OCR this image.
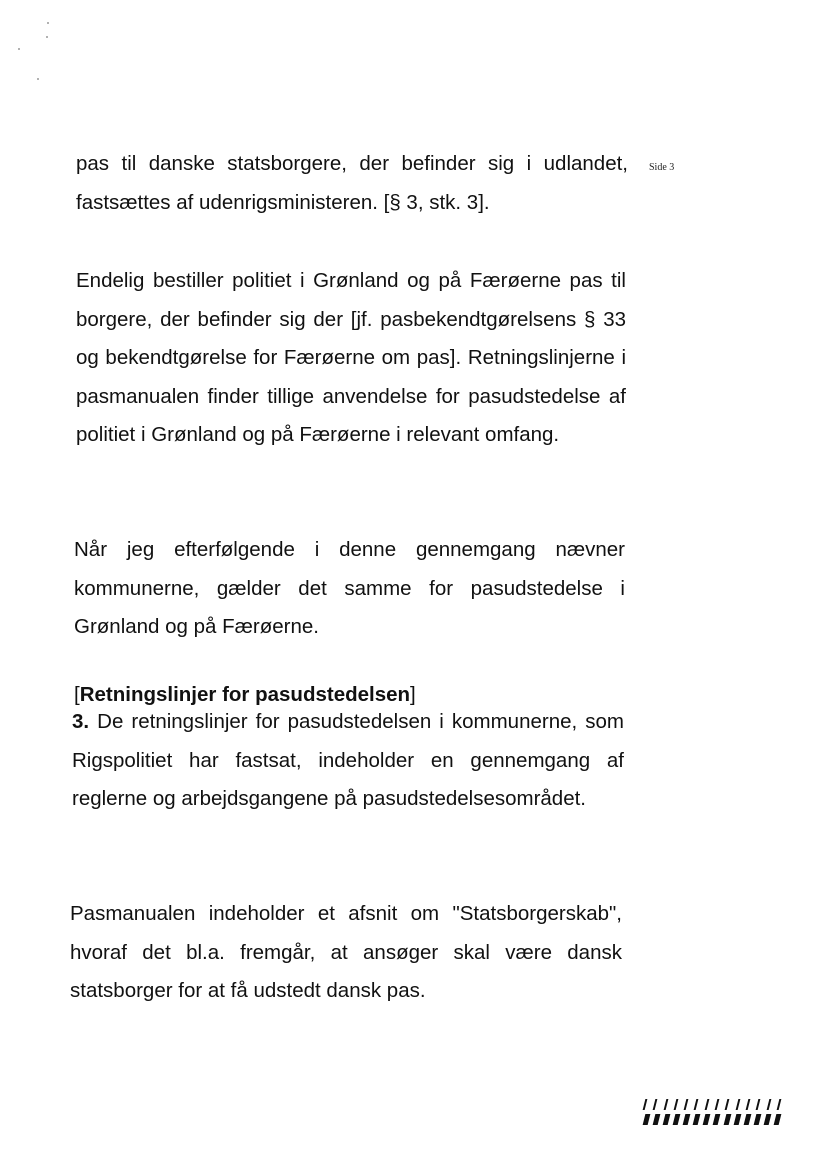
Side 3

pas til danske statsborgere, der befinder sig i udlandet, fastsættes af udenrigsministeren. [§ 3, stk. 3].

Endelig bestiller politiet i Grønland og på Færøerne pas til borgere, der befinder sig der [jf. pasbekendtgørelsens § 33 og bekendtgørelse for Færøerne om pas]. Retningslinjerne i pasmanualen finder tillige anvendelse for pasudstedelse af politiet i Grønland og på Færøerne i relevant omfang.

Når jeg efterfølgende i denne gennemgang nævner kommunerne, gælder det samme for pasudstedelse i Grønland og på Færøerne.

[Retningslinjer for pasudstedelsen]

3. De retningslinjer for pasudstedelsen i kommunerne, som Rigspolitiet har fastsat, indeholder en gennemgang af reglerne og arbejdsgangene på pasudstedelsesområdet.

Pasmanualen indeholder et afsnit om "Statsborgerskab", hvoraf det bl.a. fremgår, at ansøger skal være dansk statsborger for at få udstedt dansk pas.
